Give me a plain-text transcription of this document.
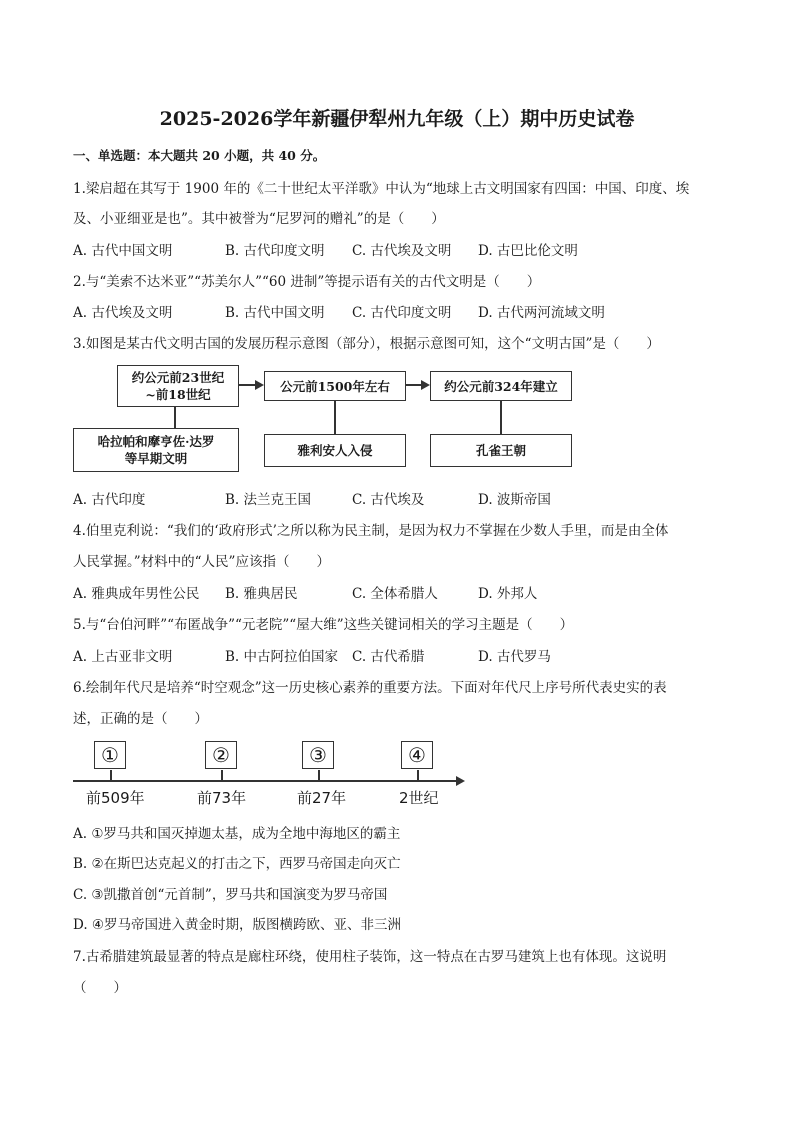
2025-2026学年新疆伊犁州九年级（上）期中历史试卷
一、单选题：本大题共 20 小题，共 40 分。
1.梁启超在其写于 1900 年的《二十世纪太平洋歌》中认为“地球上古文明国家有四国：中国、印度、埃
及、小亚细亚是也”。其中被誉为“尼罗河的赠礼”的是（　　）
A. 古代中国文明	B. 古代印度文明 C. 古代埃及文明 D. 古巴比伦文明
2.与“美索不达米亚”“苏美尔人”“60 进制”等提示语有关的古代文明是（　　）
A. 古代埃及文明	B. 古代中国文明 C. 古代印度文明 D. 古代两河流域文明
3.如图是某古代文明古国的发展历程示意图（部分），根据示意图可知，这个“文明古国”是（　　）
约公元前23世纪
~前18世纪
公元前1500年左右	约公元前324年建立
哈拉帕和摩亨佐·达罗
等早期文明
雅利安人入侵	孔雀王朝
A. 古代印度	B. 法兰克王国	C. 古代埃及	D. 波斯帝国
4.伯里克利说：“我们的‘政府形式’之所以称为民主制，是因为权力不掌握在少数人手里，而是由全体
人民掌握。”材料中的“人民”应该指（　　）
A. 雅典成年男性公民 B. 雅典居民	C. 全体希腊人	D. 外邦人
5.与“台伯河畔”“布匿战争”“元老院”“屋大维”这些关键词相关的学习主题是（　　）
A. 上古亚非文明	B. 中古阿拉伯国家 C. 古代希腊	D. 古代罗马
6.绘制年代尺是培养“时空观念”这一历史核心素养的重要方法。下面对年代尺上序号所代表史实的表
述，正确的是（　　）
①	②	③	④
前509年	前73年	前27年	2世纪
A. ①罗马共和国灭掉迦太基，成为全地中海地区的霸主
B. ②在斯巴达克起义的打击之下，西罗马帝国走向灭亡
C. ③凯撒首创“元首制”，罗马共和国演变为罗马帝国
D. ④罗马帝国进入黄金时期，版图横跨欧、亚、非三洲
7.古希腊建筑最显著的特点是廊柱环绕，使用柱子装饰，这一特点在古罗马建筑上也有体现。这说明
（　　）
